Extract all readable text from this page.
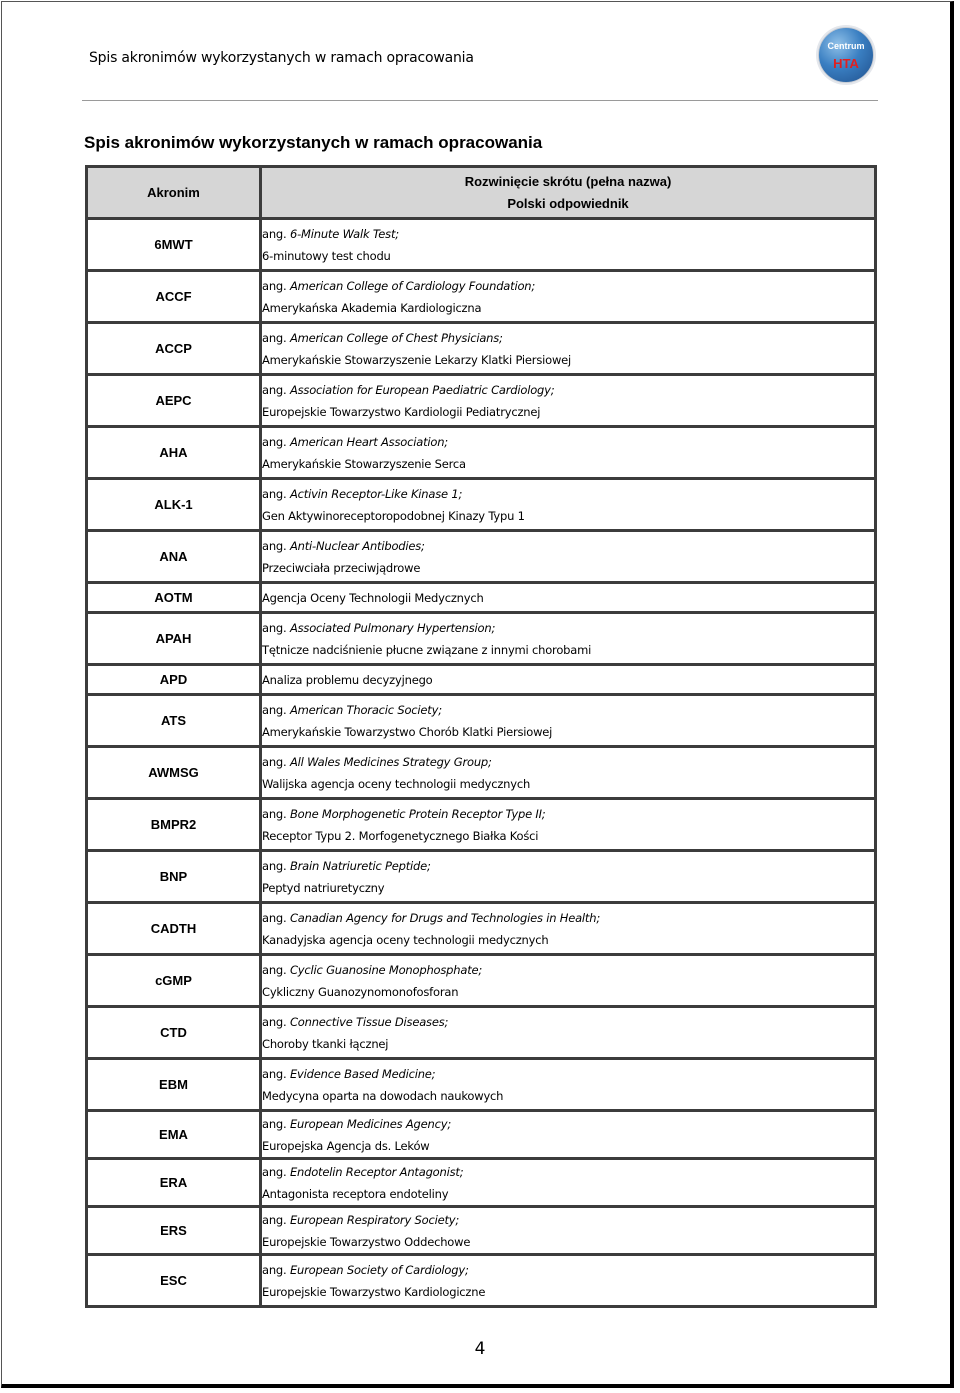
Spis akronimów wykorzystanych w ramach opracowania
Centrum
HTA
Spis akronimów wykorzystanych w ramach opracowania
Akronim	Rozwinięcie skrótu (pełna nazwa)
Polski odpowiednik

6MWT	ang. 6-Minute Walk Test;
6-minutowy test chodu

ACCF	ang. American College of Cardiology Foundation;
Amerykańska Akademia Kardiologiczna

ACCP	ang. American College of Chest Physicians;
Amerykańskie Stowarzyszenie Lekarzy Klatki Piersiowej

AEPC	ang. Association for European Paediatric Cardiology;
Europejskie Towarzystwo Kardiologii Pediatrycznej

AHA	ang. American Heart Association;
Amerykańskie Stowarzyszenie Serca

ALK-1	ang. Activin Receptor-Like Kinase 1;
Gen Aktywinoreceptoropodobnej Kinazy Typu 1

ANA	ang. Anti-Nuclear Antibodies;
Przeciwciała przeciwjądrowe

AOTM	Agencja Oceny Technologii Medycznych

APAH	ang. Associated Pulmonary Hypertension;
Tętnicze nadciśnienie płucne związane z innymi chorobami

APD	Analiza problemu decyzyjnego

ATS	ang. American Thoracic Society;
Amerykańskie Towarzystwo Chorób Klatki Piersiowej

AWMSG	ang. All Wales Medicines Strategy Group;
Walijska agencja oceny technologii medycznych

BMPR2	ang. Bone Morphogenetic Protein Receptor Type II;
Receptor Typu 2. Morfogenetycznego Białka Kości

BNP	ang. Brain Natriuretic Peptide;
Peptyd natriuretyczny

CADTH	ang. Canadian Agency for Drugs and Technologies in Health;
Kanadyjska agencja oceny technologii medycznych

cGMP	ang. Cyclic Guanosine Monophosphate;
Cykliczny Guanozynomonofosforan

CTD	ang. Connective Tissue Diseases;
Choroby tkanki łącznej

EBM	ang. Evidence Based Medicine;
Medycyna oparta na dowodach naukowych

EMA	ang. European Medicines Agency;
Europejska Agencja ds. Leków

ERA	ang. Endotelin Receptor Antagonist;
Antagonista receptora endoteliny

ERS	ang. European Respiratory Society;
Europejskie Towarzystwo Oddechowe

ESC	ang. European Society of Cardiology;
Europejskie Towarzystwo Kardiologiczne
4
